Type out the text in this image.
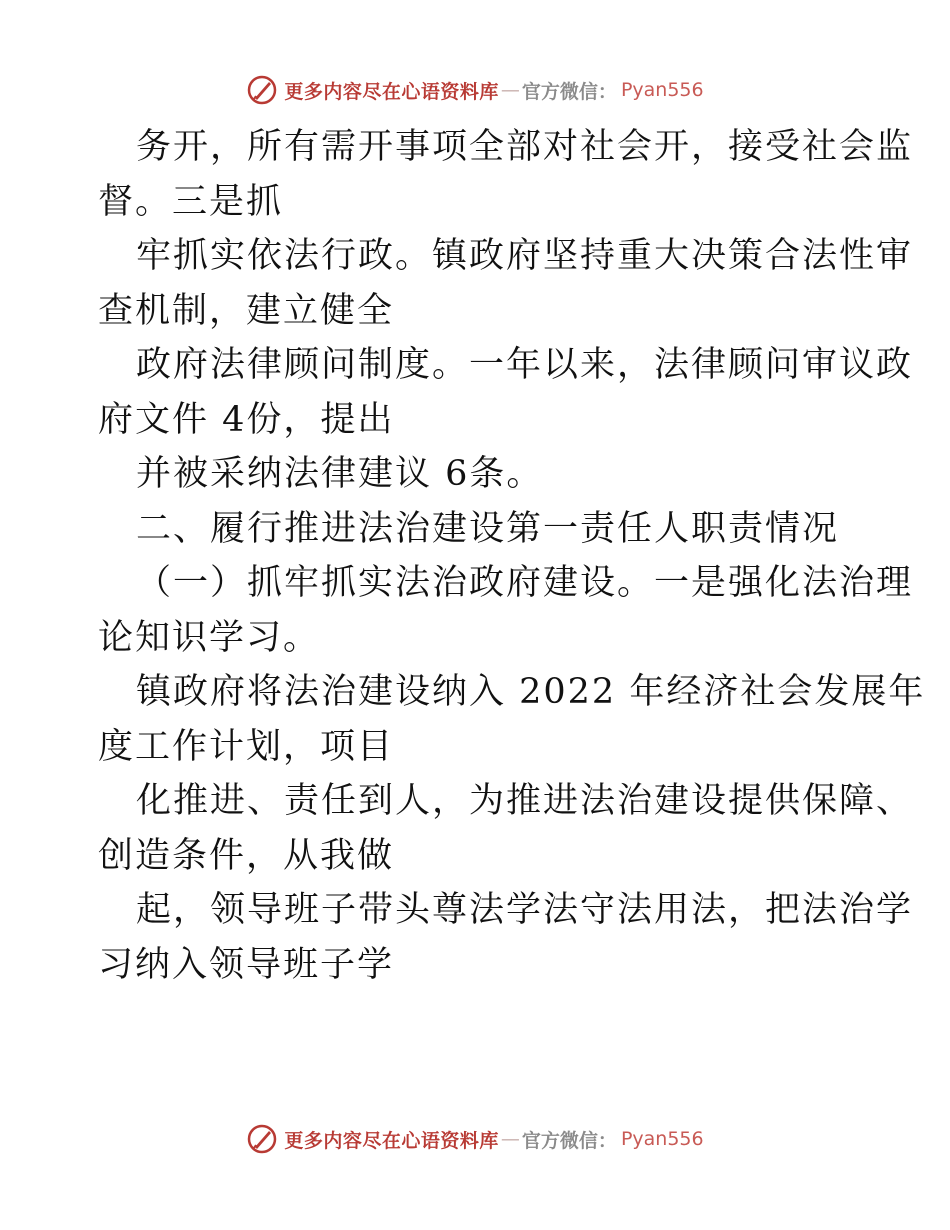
更多内容尽在心语资料库 — 官方微信： Pyan556
务开，所有需开事项全部对社会开，接受社会监
督。三是抓
牢抓实依法行政。镇政府坚持重大决策合法性审
查机制，建立健全
政府法律顾问制度。一年以来，法律顾问审议政
府文件 4份，提出
并被采纳法律建议 6条。
二、履行推进法治建设第一责任人职责情况
（一）抓牢抓实法治政府建设。一是强化法治理
论知识学习。
镇政府将法治建设纳入 2022 年经济社会发展年
度工作计划，项目
化推进、责任到人，为推进法治建设提供保障、
创造条件，从我做
起，领导班子带头尊法学法守法用法，把法治学
习纳入领导班子学
更多内容尽在心语资料库 — 官方微信： Pyan556
